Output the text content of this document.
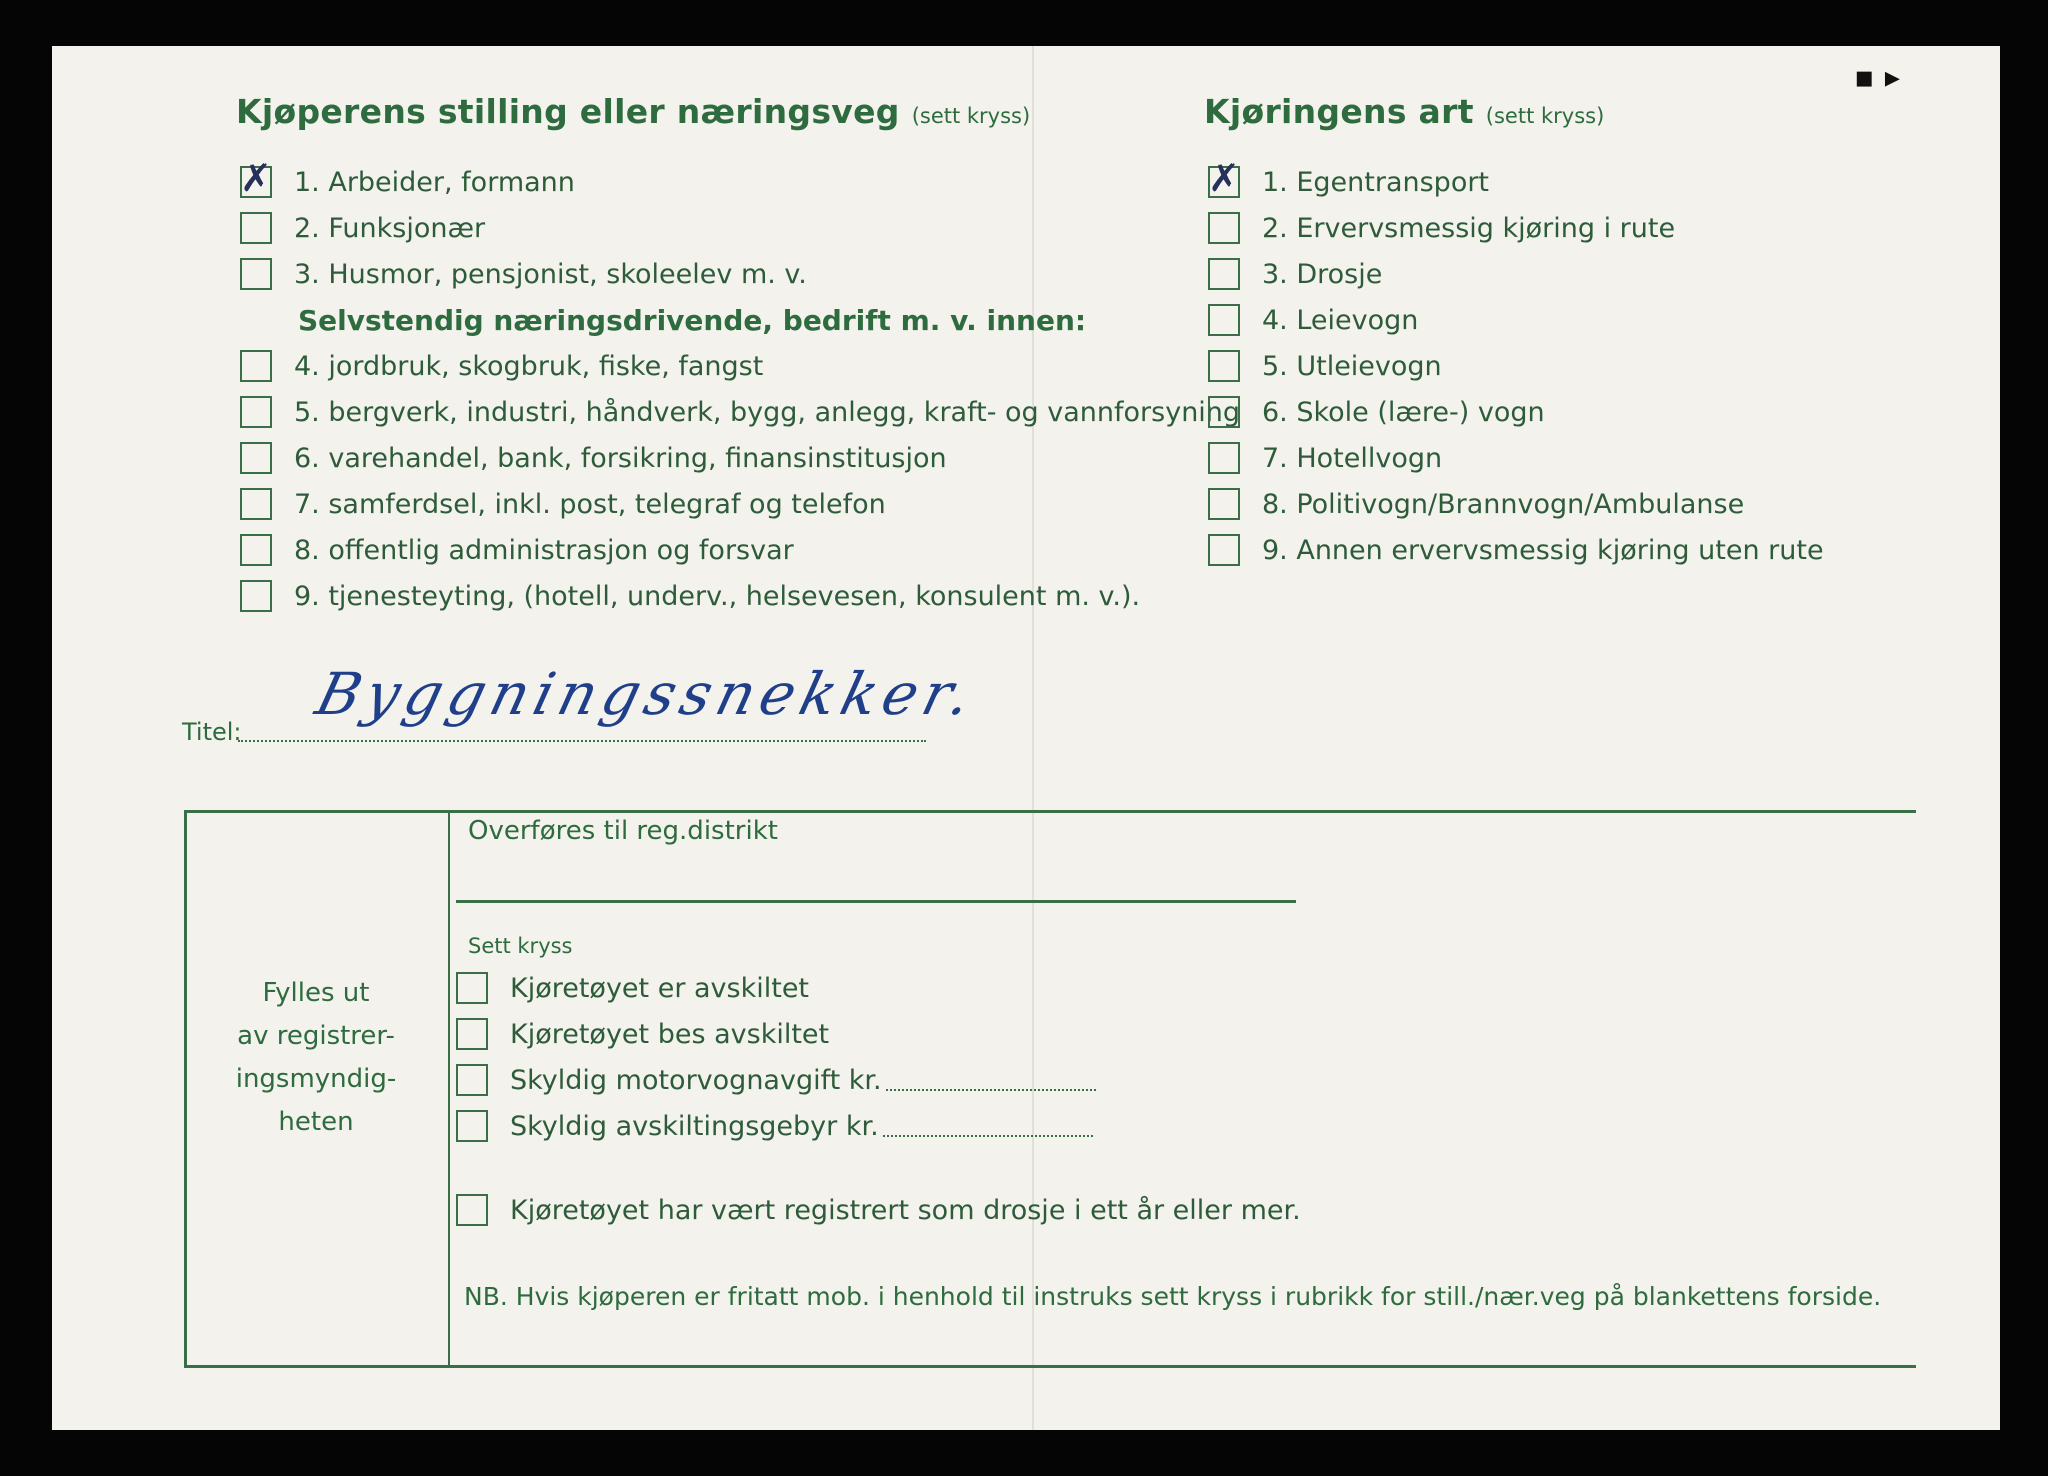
▪ ▸
Kjøperens stilling eller næringsveg (sett kryss)	Kjøringens art (sett kryss)
✗ 1. Arbeider, formann
2. Funksjonær
3. Husmor, pensjonist, skoleelev m. v.
Selvstendig næringsdrivende, bedrift m. v. innen:
4. jordbruk, skogbruk, fiske, fangst
5. bergverk, industri, håndverk, bygg, anlegg, kraft- og vannforsyning
6. varehandel, bank, forsikring, finansinstitusjon
7. samferdsel, inkl. post, telegraf og telefon
8. offentlig administrasjon og forsvar
9. tjenesteyting, (hotell, underv., helsevesen, konsulent m. v.).
✗ 1. Egentransport
2. Ervervsmessig kjøring i rute
3. Drosje
4. Leievogn
5. Utleievogn
6. Skole (lære-) vogn
7. Hotellvogn
8. Politivogn/Brannvogn/Ambulanse
9. Annen ervervsmessig kjøring uten rute
Titel:
Byggningssnekker.
Fylles ut
av registrer-
ingsmyndig-
heten
Overføres til reg.distrikt
Sett kryss
Kjøretøyet er avskiltet
Kjøretøyet bes avskiltet
Skyldig motorvognavgift kr.
Skyldig avskiltingsgebyr kr.
Kjøretøyet har vært registrert som drosje i ett år eller mer.
NB. Hvis kjøperen er fritatt mob. i henhold til instruks sett kryss i rubrikk for still./nær.veg på blankettens forside.
